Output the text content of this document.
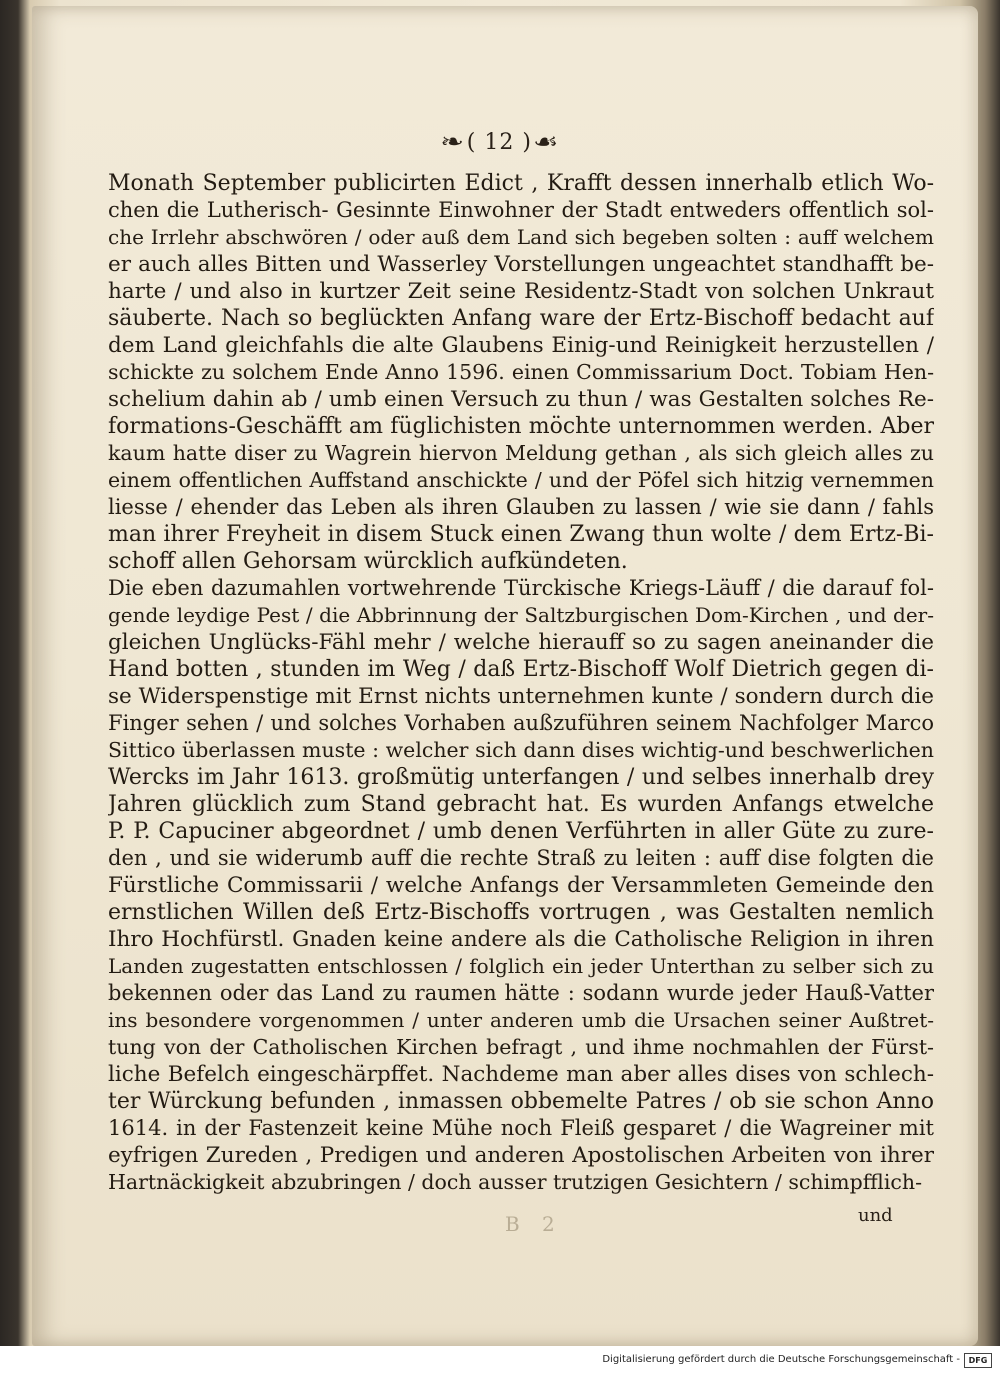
❧( 12 )☙
Monath September publicirten Edict , Krafft dessen innerhalb etlich Wo-
chen die Lutherisch- Gesinnte Einwohner der Stadt entweders offentlich sol-
che Irrlehr abschwören / oder auß dem Land sich begeben solten : auff welchem
er auch alles Bitten und Wasserley Vorstellungen ungeachtet standhafft be-
harte / und also in kurtzer Zeit seine Residentz-Stadt von solchen Unkraut
säuberte. Nach so beglückten Anfang ware der Ertz-Bischoff bedacht auf
dem Land gleichfahls die alte Glaubens Einig-und Reinigkeit herzustellen /
schickte zu solchem Ende Anno 1596. einen Commissarium Doct. Tobiam Hen-
schelium dahin ab / umb einen Versuch zu thun / was Gestalten solches Re-
formations-Geschäfft am füglichisten möchte unternommen werden. Aber
kaum hatte diser zu Wagrein hiervon Meldung gethan , als sich gleich alles zu
einem offentlichen Auffstand anschickte / und der Pöfel sich hitzig vernemmen
liesse / ehender das Leben als ihren Glauben zu lassen / wie sie dann / fahls
man ihrer Freyheit in disem Stuck einen Zwang thun wolte / dem Ertz-Bi-
schoff allen Gehorsam würcklich aufkündeten.
Die eben dazumahlen vortwehrende Türckische Kriegs-Läuff / die darauf fol-
gende leydige Pest / die Abbrinnung der Saltzburgischen Dom-Kirchen , und der-
gleichen Unglücks-Fähl mehr / welche hierauff so zu sagen aneinander die
Hand botten , stunden im Weg / daß Ertz-Bischoff Wolf Dietrich gegen di-
se Widerspenstige mit Ernst nichts unternehmen kunte / sondern durch die
Finger sehen / und solches Vorhaben außzuführen seinem Nachfolger Marco
Sittico überlassen muste : welcher sich dann dises wichtig-und beschwerlichen
Wercks im Jahr 1613. großmütig unterfangen / und selbes innerhalb drey
Jahren glücklich zum Stand gebracht hat. Es wurden Anfangs etwelche
P. P. Capuciner abgeordnet / umb denen Verführten in aller Güte zu zure-
den , und sie widerumb auff die rechte Straß zu leiten : auff dise folgten die
Fürstliche Commissarii / welche Anfangs der Versammleten Gemeinde den
ernstlichen Willen deß Ertz-Bischoffs vortrugen , was Gestalten nemlich
Ihro Hochfürstl. Gnaden keine andere als die Catholische Religion in ihren
Landen zugestatten entschlossen / folglich ein jeder Unterthan zu selber sich zu
bekennen oder das Land zu raumen hätte : sodann wurde jeder Hauß-Vatter
ins besondere vorgenommen / unter anderen umb die Ursachen seiner Außtret-
tung von der Catholischen Kirchen befragt , und ihme nochmahlen der Fürst-
liche Befelch eingeschärpffet. Nachdeme man aber alles dises von schlech-
ter Würckung befunden , inmassen obbemelte Patres / ob sie schon Anno
1614. in der Fastenzeit keine Mühe noch Fleiß gesparet / die Wagreiner mit
eyfrigen Zureden , Predigen und anderen Apostolischen Arbeiten von ihrer
Hartnäckigkeit abzubringen / doch ausser trutzigen Gesichtern / schimpfflich-
B 2	und
Digitalisierung gefördert durch die Deutsche Forschungsgemeinschaft -	DFG
